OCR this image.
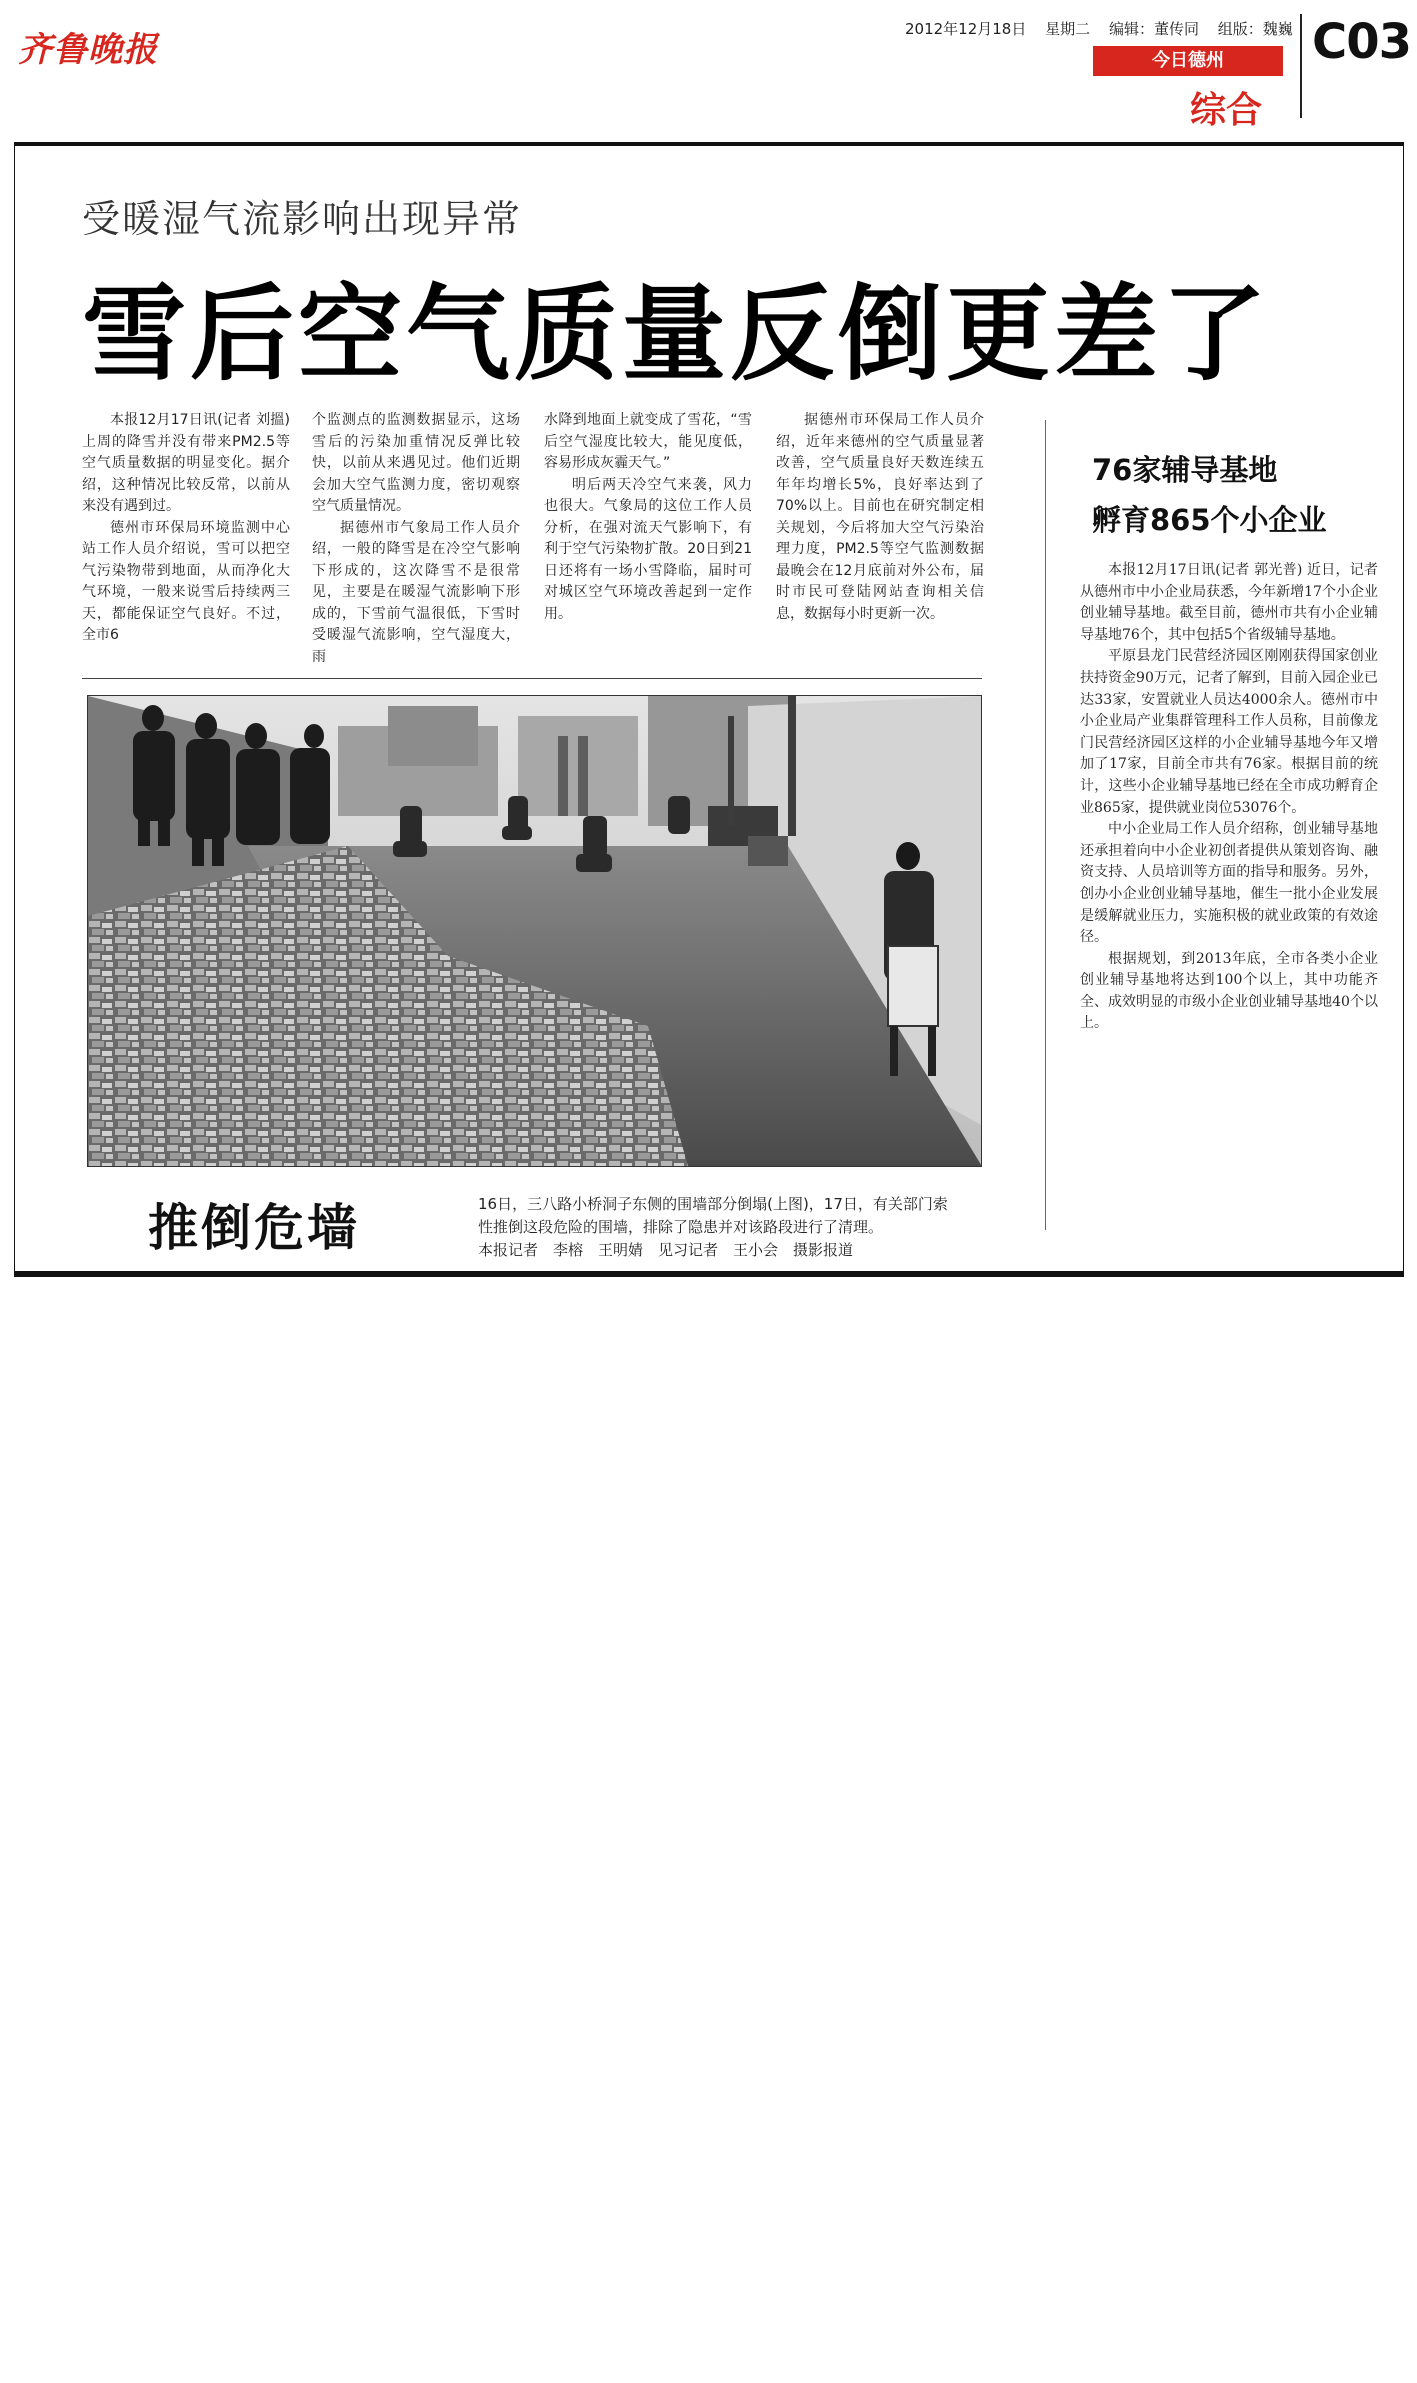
齐鲁晚报
2012年12月18日 星期二 编辑：董传同 组版：魏巍
今日德州
综合
C03
受暖湿气流影响出现异常
雪后空气质量反倒更差了

本报12月17日讯(记者 刘搵) 上周的降雪并没有带来PM2.5等空气质量数据的明显变化。据介绍，这种情况比较反常，以前从来没有遇到过。

德州市环保局环境监测中心站工作人员介绍说，雪可以把空气污染物带到地面，从而净化大气环境，一般来说雪后持续两三天，都能保证空气良好。不过，全市6

个监测点的监测数据显示，这场雪后的污染加重情况反弹比较快，以前从来遇见过。他们近期会加大空气监测力度，密切观察空气质量情况。

据德州市气象局工作人员介绍，一般的降雪是在冷空气影响下形成的，这次降雪不是很常见，主要是在暖湿气流影响下形成的，下雪前气温很低，下雪时受暖湿气流影响，空气湿度大，雨

水降到地面上就变成了雪花，“雪后空气湿度比较大，能见度低，容易形成灰霾天气。”

明后两天冷空气来袭，风力也很大。气象局的这位工作人员分析，在强对流天气影响下，有利于空气污染物扩散。20日到21日还将有一场小雪降临，届时可对城区空气环境改善起到一定作用。

据德州市环保局工作人员介绍，近年来德州的空气质量显著改善，空气质量良好天数连续五年年均增长5%，良好率达到了70%以上。目前也在研究制定相关规划，今后将加大空气污染治理力度，PM2.5等空气监测数据最晚会在12月底前对外公布，届时市民可登陆网站查询相关信息，数据每小时更新一次。

推倒危墙	16日，三八路小桥洞子东侧的围墙部分倒塌(上图)，17日，有关部门索性推倒这段危险的围墙，排除了隐患并对该路段进行了清理。
本报记者　李榕　王明婧　见习记者　王小会　摄影报道
76家辅导基地
孵育865个小企业

本报12月17日讯(记者 郭光普) 近日，记者从德州市中小企业局获悉，今年新增17个小企业创业辅导基地。截至目前，德州市共有小企业辅导基地76个，其中包括5个省级辅导基地。

平原县龙门民营经济园区刚刚获得国家创业扶持资金90万元，记者了解到，目前入园企业已达33家，安置就业人员达4000余人。德州市中小企业局产业集群管理科工作人员称，目前像龙门民营经济园区这样的小企业辅导基地今年又增加了17家，目前全市共有76家。根据目前的统计，这些小企业辅导基地已经在全市成功孵育企业865家，提供就业岗位53076个。

中小企业局工作人员介绍称，创业辅导基地还承担着向中小企业初创者提供从策划咨询、融资支持、人员培训等方面的指导和服务。另外，创办小企业创业辅导基地，催生一批小企业发展是缓解就业压力，实施积极的就业政策的有效途径。

根据规划，到2013年底，全市各类小企业创业辅导基地将达到100个以上，其中功能齐全、成效明显的市级小企业创业辅导基地40个以上。
